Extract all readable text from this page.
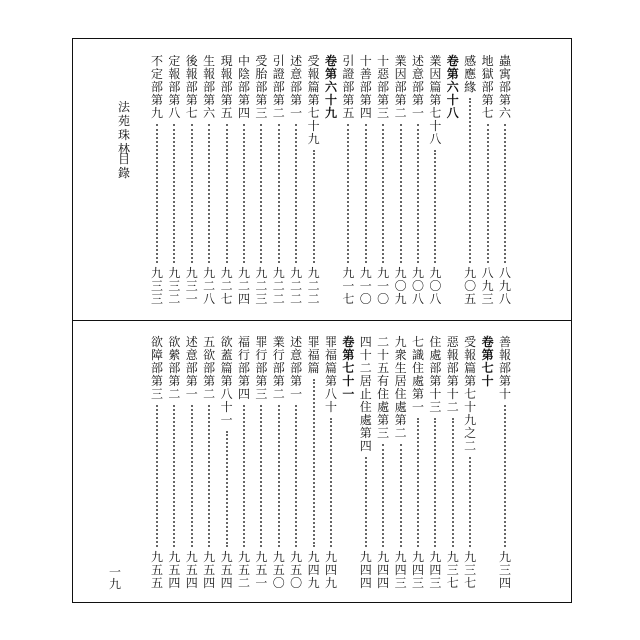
法苑珠林
目錄
一九
蟲寓部第六
八九八
地獄部第七
八九三
感應緣
九〇五
卷第六十八
業因篇第七十八
九〇八
述意部第一
九〇八
業因部第二
九〇九
十惡部第三
九一〇
十善部第四
九一〇
引證部第五
九一七
卷第六十九
受報篇第七十九
九二二
述意部第一
九二二
引證部第二
九二二
受胎部第三
九二三
中陰部第四
九二四
現報部第五
九二七
生報部第六
九二八
後報部第七
九三一
定報部第八
九三二
不定部第九
九三三
善報部第十
九三四
卷第七十
受報篇第七十九之二
九三七
惡報部第十二
九三七
住處部第十三
九四三
七識住處第一
九四三
九衆生居住處第二
九四三
二十五有住處第三
九四四
四十二居止住處第四
九四四
卷第七十一
罪福篇第八十
九四九
罪福篇
九四九
述意部第一
九五〇
業行部第二
九五〇
罪行部第三
九五一
福行部第四
九五二
欲蓋篇第八十一
九五四
五欲部第二
九五四
述意部第一
九五四
欲縈部第二
九五四
欲障部第三
九五五
